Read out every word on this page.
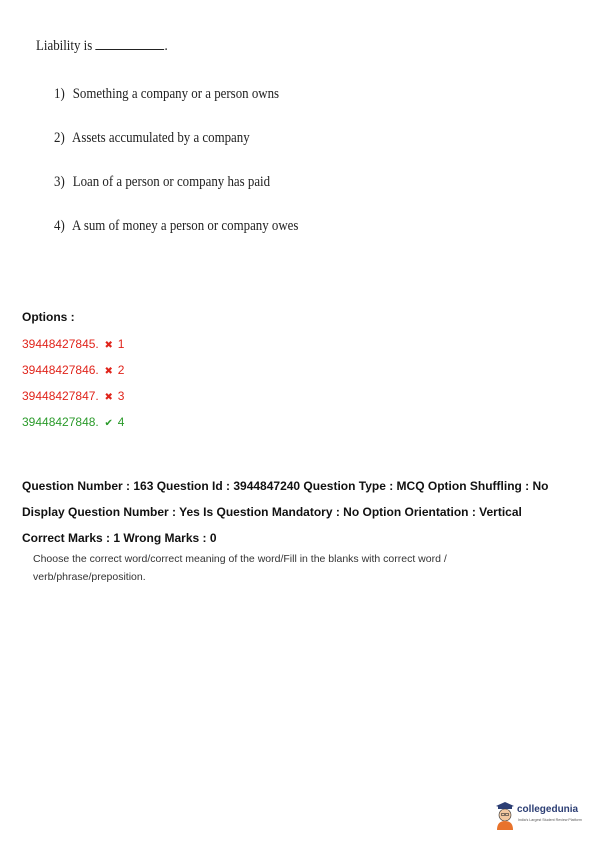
Liability is	.
1) Something a company or a person owns
2) Assets accumulated by a company
3) Loan of a person or company has paid
4) A sum of money a person or company owes
Options :
39448427845. ✖ 1
39448427846. ✖ 2
39448427847. ✖ 3
39448427848. ✔ 4
Question Number : 163 Question Id : 3944847240 Question Type : MCQ Option Shuffling : No
Display Question Number : Yes Is Question Mandatory : No Option Orientation : Vertical
Correct Marks : 1 Wrong Marks : 0
Choose the correct word/correct meaning of the word/Fill in the blanks with correct word / verb/phrase/preposition.
collegedunia
India's Largest Student Review Platform
